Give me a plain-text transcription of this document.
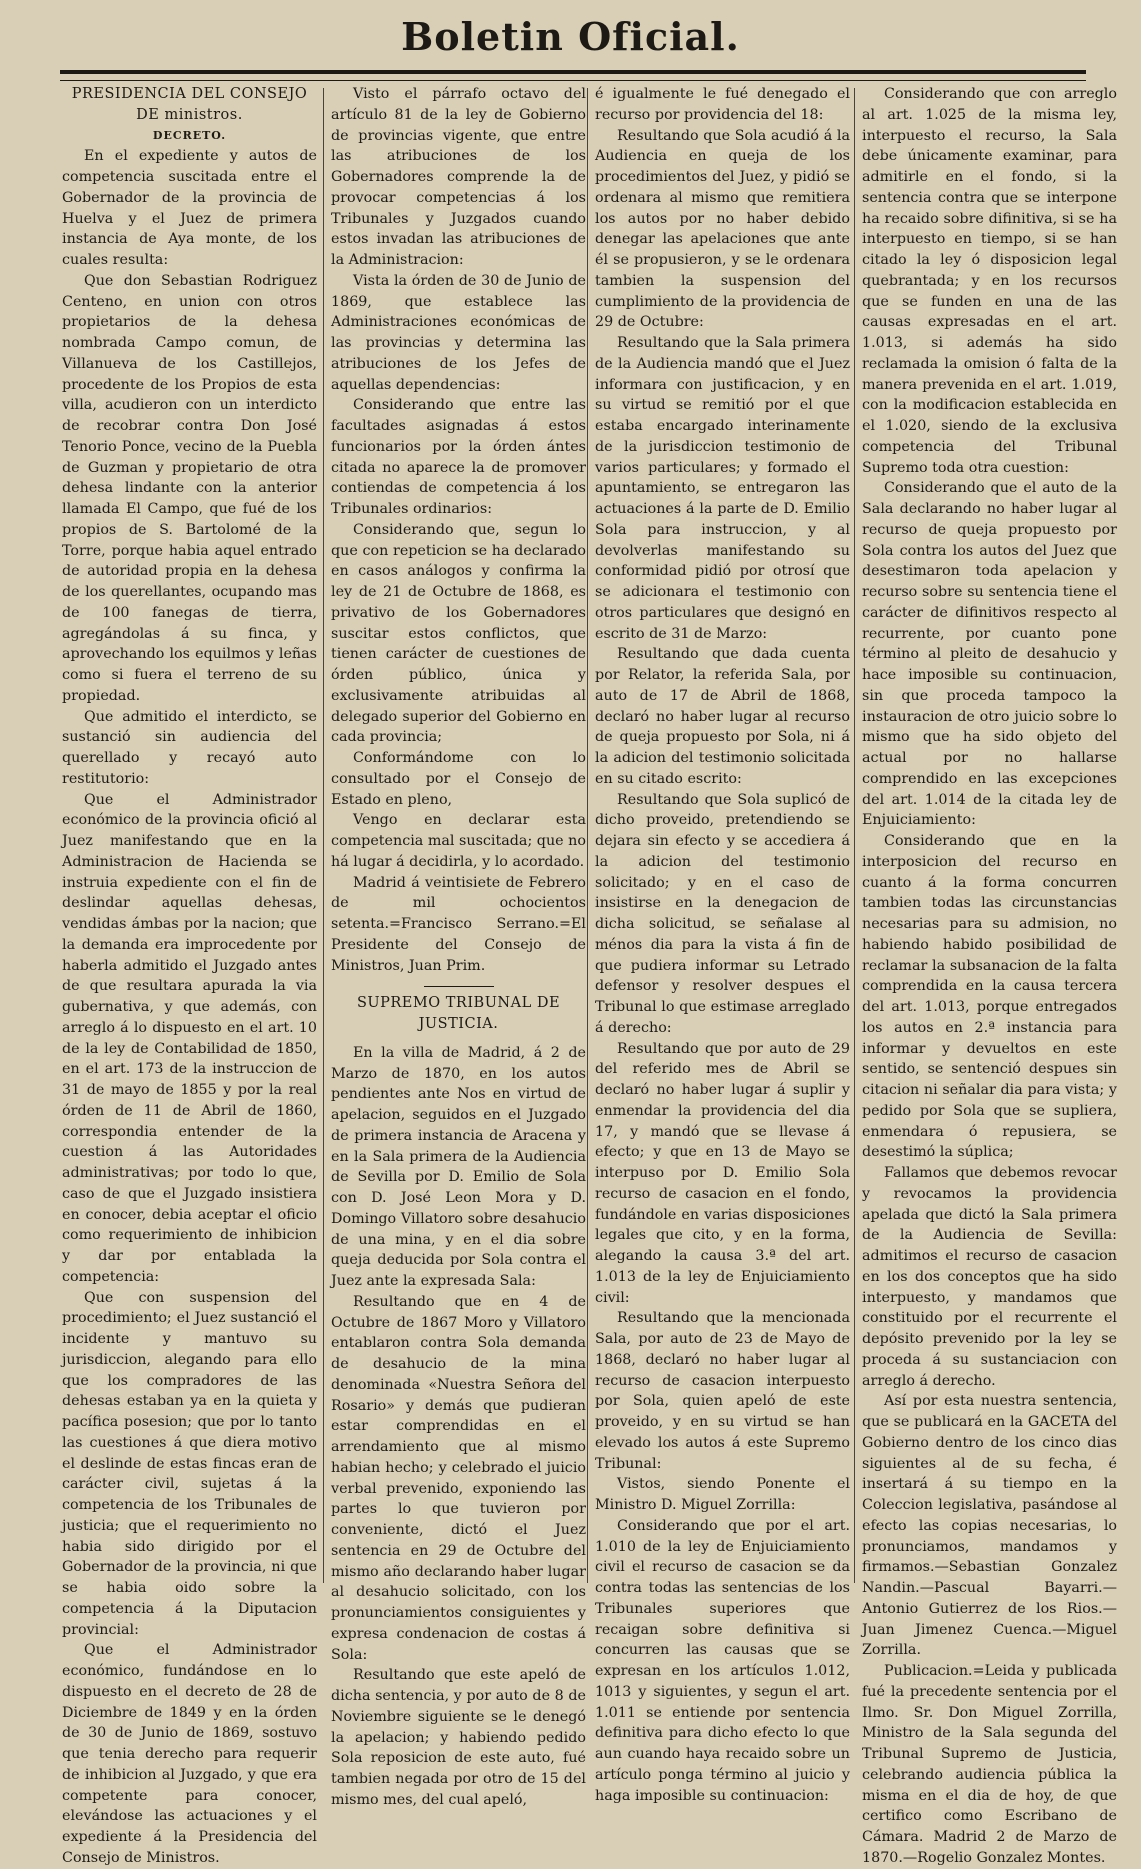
Boletin Oficial.

PRESIDENCIA DEL CONSEJO DE ministros.

DECRETO.

En el expediente y autos de competencia suscitada entre el Gobernador de la provincia de Huelva y el Juez de primera instancia de Aya monte, de los cuales resulta:

Que don Sebastian Rodriguez Centeno, en union con otros propietarios de la dehesa nombrada Campo comun, de Villanueva de los Castillejos, procedente de los Propios de esta villa, acudieron con un interdicto de recobrar contra Don José Tenorio Ponce, vecino de la Puebla de Guzman y propietario de otra dehesa lindante con la anterior llamada El Campo, que fué de los propios de S. Bartolomé de la Torre, porque habia aquel entrado de autoridad propia en la dehesa de los querellantes, ocupando mas de 100 fanegas de tierra, agregándolas á su finca, y aprovechando los equilmos y leñas como si fuera el terreno de su propiedad.

Que admitido el interdicto, se sustanció sin audiencia del querellado y recayó auto restitutorio:

Que el Administrador económico de la provincia ofició al Juez manifestando que en la Administracion de Hacienda se instruia expediente con el fin de deslindar aquellas dehesas, vendidas ámbas por la nacion; que la demanda era improcedente por haberla admitido el Juzgado antes de que resultara apurada la via gubernativa, y que además, con arreglo á lo dispuesto en el art. 10 de la ley de Contabilidad de 1850, en el art. 173 de la instruccion de 31 de mayo de 1855 y por la real órden de 11 de Abril de 1860, correspondia entender de la cuestion á las Autoridades administrativas; por todo lo que, caso de que el Juzgado insistiera en conocer, debia aceptar el oficio como requerimiento de inhibicion y dar por entablada la competencia:

Que con suspension del procedimiento; el Juez sustanció el incidente y mantuvo su jurisdiccion, alegando para ello que los compradores de las dehesas estaban ya en la quieta y pacífica posesion; que por lo tanto las cuestiones á que diera motivo el deslinde de estas fincas eran de carácter civil, sujetas á la competencia de los Tribunales de justicia; que el requerimiento no habia sido dirigido por el Gobernador de la provincia, ni que se habia oido sobre la competencia á la Diputacion provincial:

Que el Administrador económico, fundándose en lo dispuesto en el decreto de 28 de Diciembre de 1849 y en la órden de 30 de Junio de 1869, sostuvo que tenia derecho para requerir de inhibicion al Juzgado, y que era competente para conocer, elevándose las actuaciones y el expediente á la Presidencia del Consejo de Ministros.

Visto el párrafo octavo del artículo 81 de la ley de Gobierno de provincias vigente, que entre las atribuciones de los Gobernadores comprende la de provocar competencias á los Tribunales y Juzgados cuando estos invadan las atribuciones de la Administracion:

Vista la órden de 30 de Junio de 1869, que establece las Administraciones económicas de las provincias y determina las atribuciones de los Jefes de aquellas dependencias:

Considerando que entre las facultades asignadas á estos funcionarios por la órden ántes citada no aparece la de promover contiendas de competencia á los Tribunales ordinarios:

Considerando que, segun lo que con repeticion se ha declarado en casos análogos y confirma la ley de 21 de Octubre de 1868, es privativo de los Gobernadores suscitar estos conflictos, que tienen carácter de cuestiones de órden público, única y exclusivamente atribuidas al delegado superior del Gobierno en cada provincia;

Conformándome con lo consultado por el Consejo de Estado en pleno,

Vengo en declarar esta competencia mal suscitada; que no há lugar á decidirla, y lo acordado.

Madrid á veintisiete de Febrero de mil ochocientos setenta.=Francisco Serrano.=El Presidente del Consejo de Ministros, Juan Prim.

SUPREMO TRIBUNAL DE JUSTICIA.

En la villa de Madrid, á 2 de Marzo de 1870, en los autos pendientes ante Nos en virtud de apelacion, seguidos en el Juzgado de primera instancia de Aracena y en la Sala primera de la Audiencia de Sevilla por D. Emilio de Sola con D. José Leon Mora y D. Domingo Villatoro sobre desahucio de una mina, y en el dia sobre queja deducida por Sola contra el Juez ante la expresada Sala:

Resultando que en 4 de Octubre de 1867 Moro y Villatoro entablaron contra Sola demanda de desahucio de la mina denominada «Nuestra Señora del Rosario» y demás que pudieran estar comprendidas en el arrendamiento que al mismo habian hecho; y celebrado el juicio verbal prevenido, exponiendo las partes lo que tuvieron por conveniente, dictó el Juez sentencia en 29 de Octubre del mismo año declarando haber lugar al desahucio solicitado, con los pronunciamientos consiguientes y expresa condenacion de costas á Sola:

Resultando que este apeló de dicha sentencia, y por auto de 8 de Noviembre siguiente se le denegó la apelacion; y habiendo pedido Sola reposicion de este auto, fué tambien negada por otro de 15 del mismo mes, del cual apeló,

é igualmente le fué denegado el recurso por providencia del 18:

Resultando que Sola acudió á la Audiencia en queja de los procedimientos del Juez, y pidió se ordenara al mismo que remitiera los autos por no haber debido denegar las apelaciones que ante él se propusieron, y se le ordenara tambien la suspension del cumplimiento de la providencia de 29 de Octubre:

Resultando que la Sala primera de la Audiencia mandó que el Juez informara con justificacion, y en su virtud se remitió por el que estaba encargado interinamente de la jurisdiccion testimonio de varios particulares; y formado el apuntamiento, se entregaron las actuaciones á la parte de D. Emilio Sola para instruccion, y al devolverlas manifestando su conformidad pidió por otrosí que se adicionara el testimonio con otros particulares que designó en escrito de 31 de Marzo:

Resultando que dada cuenta por Relator, la referida Sala, por auto de 17 de Abril de 1868, declaró no haber lugar al recurso de queja propuesto por Sola, ni á la adicion del testimonio solicitada en su citado escrito:

Resultando que Sola suplicó de dicho proveido, pretendiendo se dejara sin efecto y se accediera á la adicion del testimonio solicitado; y en el caso de insistirse en la denegacion de dicha solicitud, se señalase al ménos dia para la vista á fin de que pudiera informar su Letrado defensor y resolver despues el Tribunal lo que estimase arreglado á derecho:

Resultando que por auto de 29 del referido mes de Abril se declaró no haber lugar á suplir y enmendar la providencia del dia 17, y mandó que se llevase á efecto; y que en 13 de Mayo se interpuso por D. Emilio Sola recurso de casacion en el fondo, fundándole en varias disposiciones legales que cito, y en la forma, alegando la causa 3.ª del art. 1.013 de la ley de Enjuiciamiento civil:

Resultando que la mencionada Sala, por auto de 23 de Mayo de 1868, declaró no haber lugar al recurso de casacion interpuesto por Sola, quien apeló de este proveido, y en su virtud se han elevado los autos á este Supremo Tribunal:

Vistos, siendo Ponente el Ministro D. Miguel Zorrilla:

Considerando que por el art. 1.010 de la ley de Enjuiciamiento civil el recurso de casacion se da contra todas las sentencias de los Tribunales superiores que recaigan sobre definitiva si concurren las causas que se expresan en los artículos 1.012, 1013 y siguientes, y segun el art. 1.011 se entiende por sentencia definitiva para dicho efecto lo que aun cuando haya recaido sobre un artículo ponga término al juicio y haga imposible su continuacion:

Considerando que con arreglo al art. 1.025 de la misma ley, interpuesto el recurso, la Sala debe únicamente examinar, para admitirle en el fondo, si la sentencia contra que se interpone ha recaido sobre difinitiva, si se ha interpuesto en tiempo, si se han citado la ley ó disposicion legal quebrantada; y en los recursos que se funden en una de las causas expresadas en el art. 1.013, si además ha sido reclamada la omision ó falta de la manera prevenida en el art. 1.019, con la modificacion establecida en el 1.020, siendo de la exclusiva competencia del Tribunal Supremo toda otra cuestion:

Considerando que el auto de la Sala declarando no haber lugar al recurso de queja propuesto por Sola contra los autos del Juez que desestimaron toda apelacion y recurso sobre su sentencia tiene el carácter de difinitivos respecto al recurrente, por cuanto pone término al pleito de desahucio y hace imposible su continuacion, sin que proceda tampoco la instauracion de otro juicio sobre lo mismo que ha sido objeto del actual por no hallarse comprendido en las excepciones del art. 1.014 de la citada ley de Enjuiciamiento:

Considerando que en la interposicion del recurso en cuanto á la forma concurren tambien todas las circunstancias necesarias para su admision, no habiendo habido posibilidad de reclamar la subsanacion de la falta comprendida en la causa tercera del art. 1.013, porque entregados los autos en 2.ª instancia para informar y devueltos en este sentido, se sentenció despues sin citacion ni señalar dia para vista; y pedido por Sola que se supliera, enmendara ó repusiera, se desestimó la súplica;

Fallamos que debemos revocar y revocamos la providencia apelada que dictó la Sala primera de la Audiencia de Sevilla: admitimos el recurso de casacion en los dos conceptos que ha sido interpuesto, y mandamos que constituido por el recurrente el depósito prevenido por la ley se proceda á su sustanciacion con arreglo á derecho.

Así por esta nuestra sentencia, que se publicará en la GACETA del Gobierno dentro de los cinco dias siguientes al de su fecha, é insertará á su tiempo en la Coleccion legislativa, pasándose al efecto las copias necesarias, lo pronunciamos, mandamos y firmamos.—Sebastian Gonzalez Nandin.—Pascual Bayarri.—Antonio Gutierrez de los Rios.—Juan Jimenez Cuenca.—Miguel Zorrilla.

Publicacion.=Leida y publicada fué la precedente sentencia por el Ilmo. Sr. Don Miguel Zorrilla, Ministro de la Sala segunda del Tribunal Supremo de Justicia, celebrando audiencia pública la misma en el dia de hoy, de que certifico como Escribano de Cámara. Madrid 2 de Marzo de 1870.—Rogelio Gonzalez Montes.
